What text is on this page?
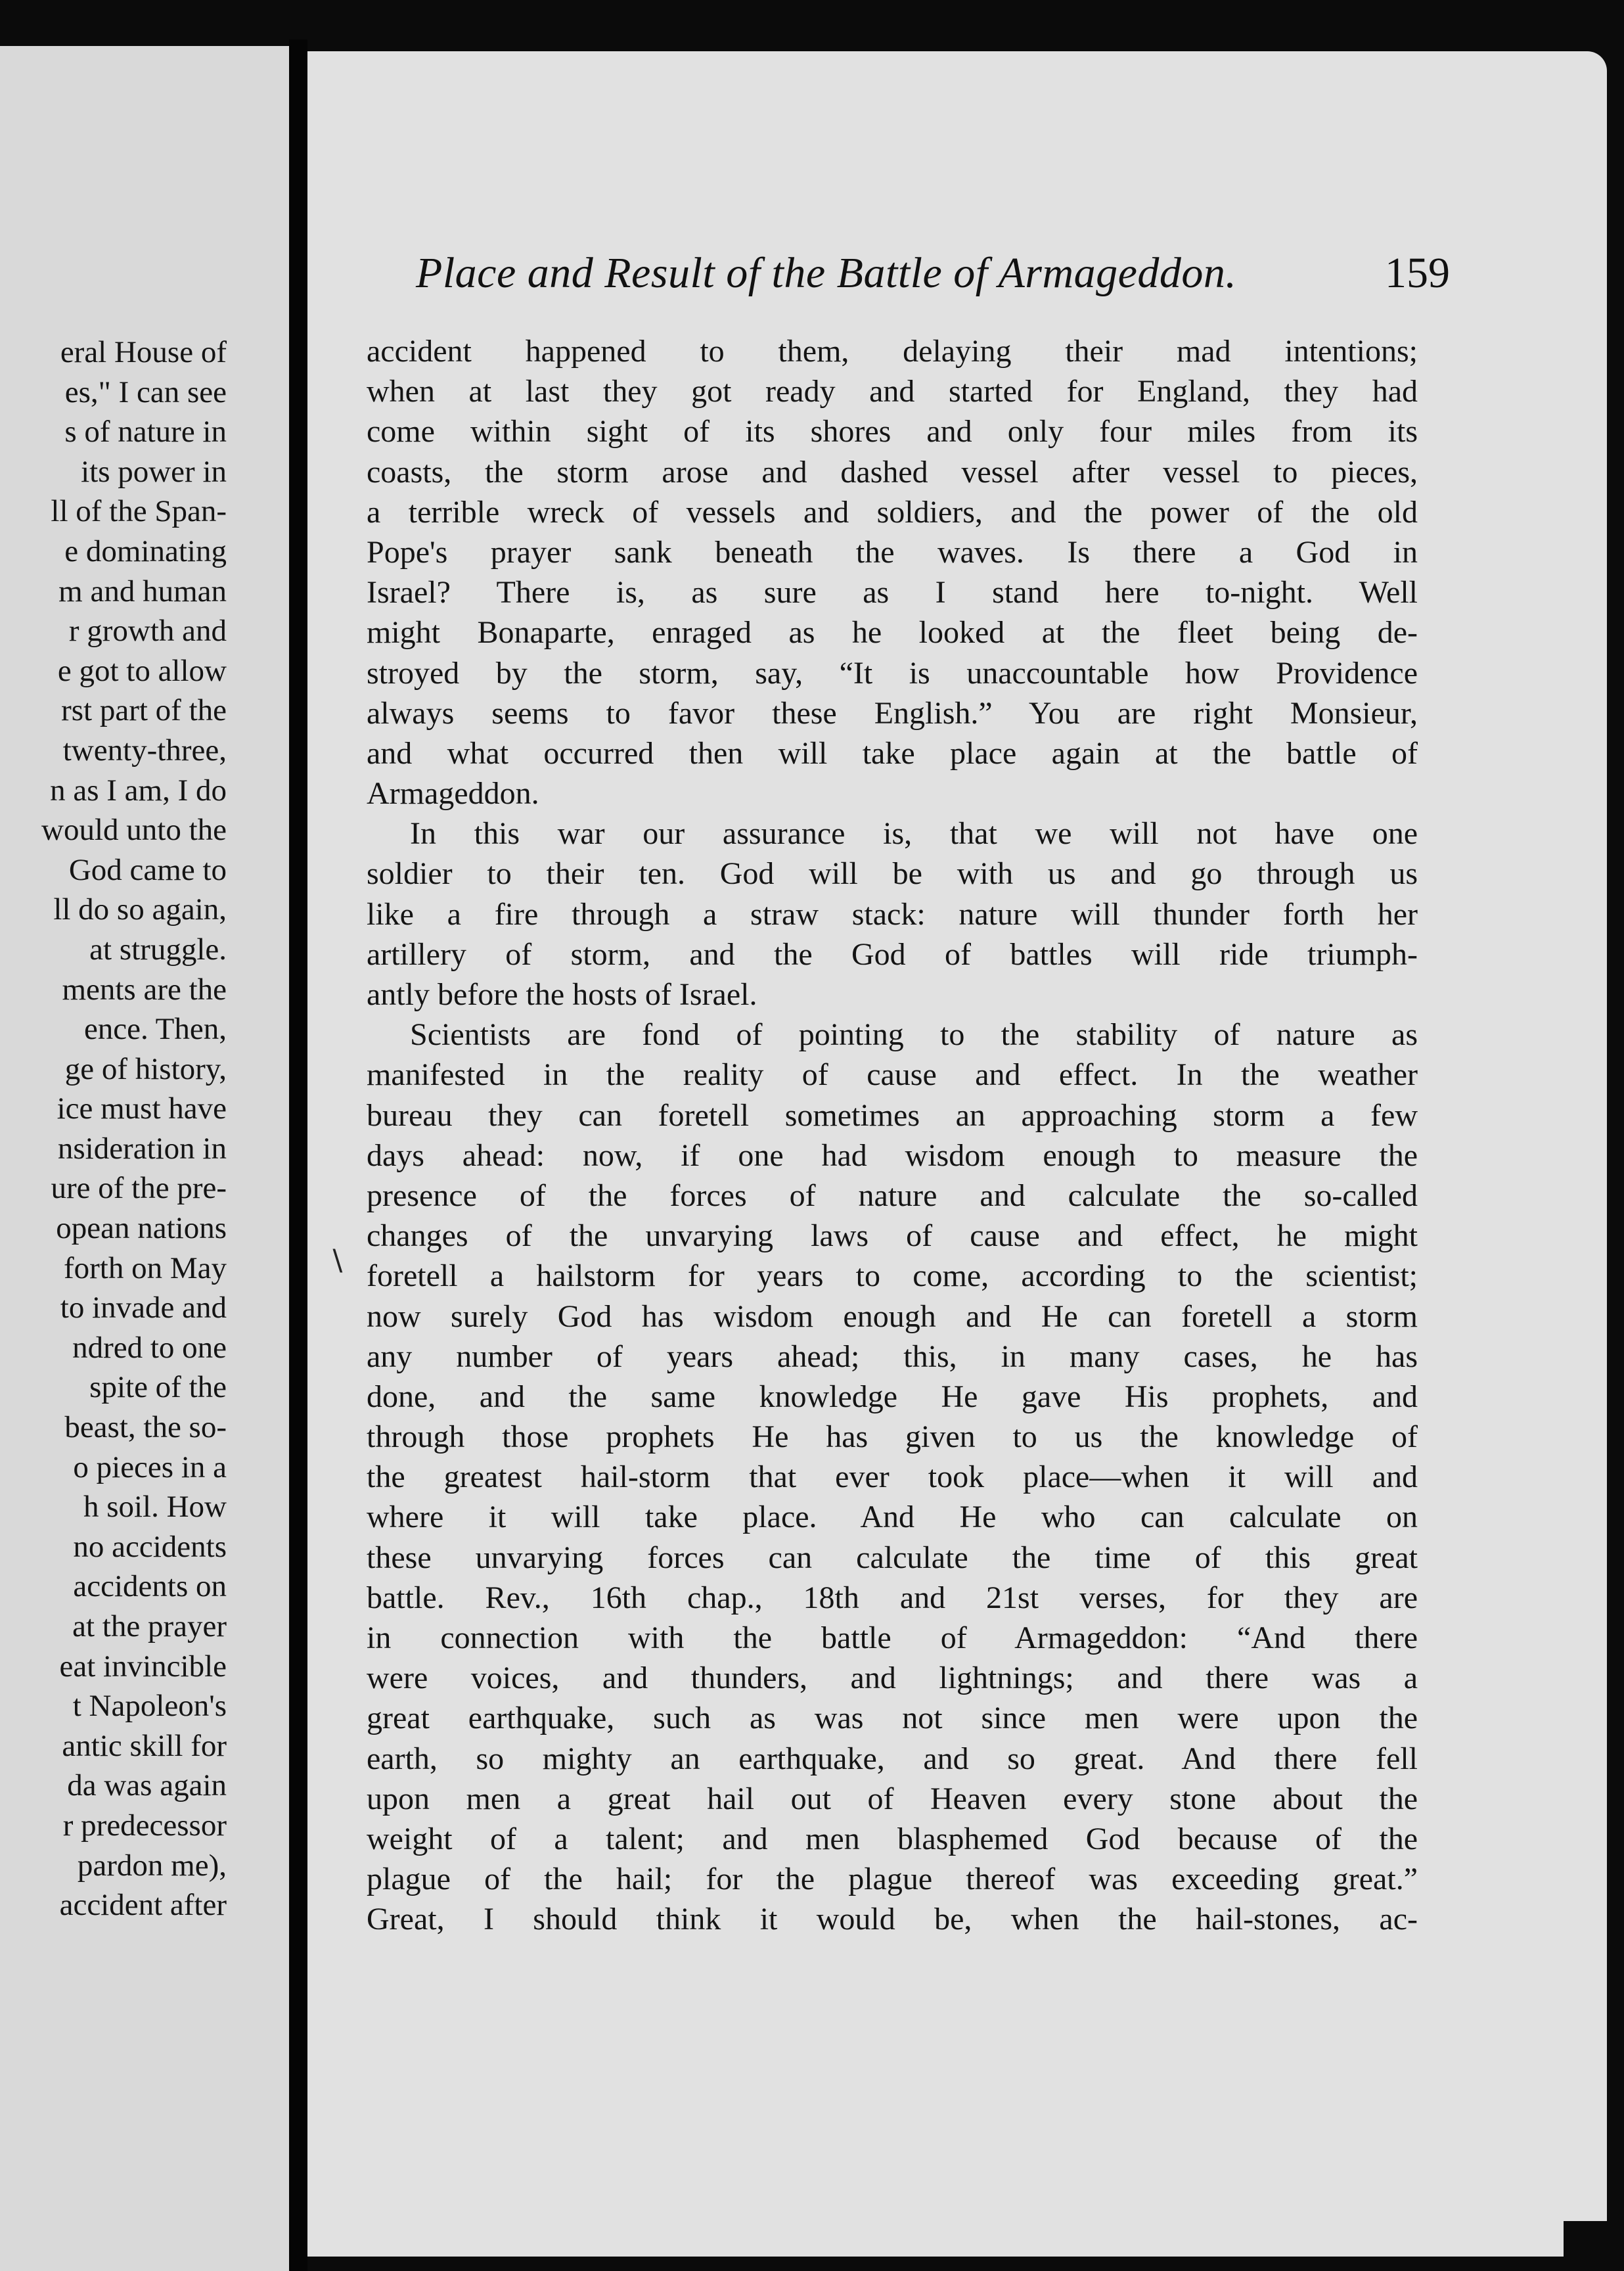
eral House of
es," I can see
s of nature in
its power in
ll of the Span-
e dominating
m and human
r growth and
e got to allow
rst part of the
twenty-three,
n as I am, I do
would unto the
God came to
ll do so again,
at struggle.
ments are the
ence. Then,
ge of history,
ice must have
nsideration in
ure of the pre-
opean nations
forth on May
to invade and
ndred to one
spite of the
beast, the so-
o pieces in a
h soil. How
no accidents
accidents on
at the prayer
eat invincible
t Napoleon's
antic skill for
da was again
r predecessor
pardon me),
accident after
Place and Result of the Battle of Armageddon.	159
accident happened to them, delaying their mad intentions;
when at last they got ready and started for England, they had
come within sight of its shores and only four miles from its
coasts, the storm arose and dashed vessel after vessel to pieces,
a terrible wreck of vessels and soldiers, and the power of the old
Pope's prayer sank beneath the waves. Is there a God in
Israel? There is, as sure as I stand here to-night. Well
might Bonaparte, enraged as he looked at the fleet being de-
stroyed by the storm, say, “It is unaccountable how Providence
always seems to favor these English.” You are right Monsieur,
and what occurred then will take place again at the battle of
Armageddon.
In this war our assurance is, that we will not have one
soldier to their ten. God will be with us and go through us
like a fire through a straw stack: nature will thunder forth her
artillery of storm, and the God of battles will ride triumph-
antly before the hosts of Israel.
Scientists are fond of pointing to the stability of nature as
manifested in the reality of cause and effect. In the weather
bureau they can foretell sometimes an approaching storm a few
days ahead: now, if one had wisdom enough to measure the
presence of the forces of nature and calculate the so-called
changes of the unvarying laws of cause and effect, he might
foretell a hailstorm for years to come, according to the scientist;
now surely God has wisdom enough and He can foretell a storm
any number of years ahead; this, in many cases, he has
done, and the same knowledge He gave His prophets, and
through those prophets He has given to us the knowledge of
the greatest hail-storm that ever took place—when it will and
where it will take place. And He who can calculate on
these unvarying forces can calculate the time of this great
battle. Rev., 16th chap., 18th and 21st verses, for they are
in connection with the battle of Armageddon: “And there
were voices, and thunders, and lightnings; and there was a
great earthquake, such as was not since men were upon the
earth, so mighty an earthquake, and so great. And there fell
upon men a great hail out of Heaven every stone about the
weight of a talent; and men blasphemed God because of the
plague of the hail; for the plague thereof was exceeding great.”
Great, I should think it would be, when the hail-stones, ac-
∖
